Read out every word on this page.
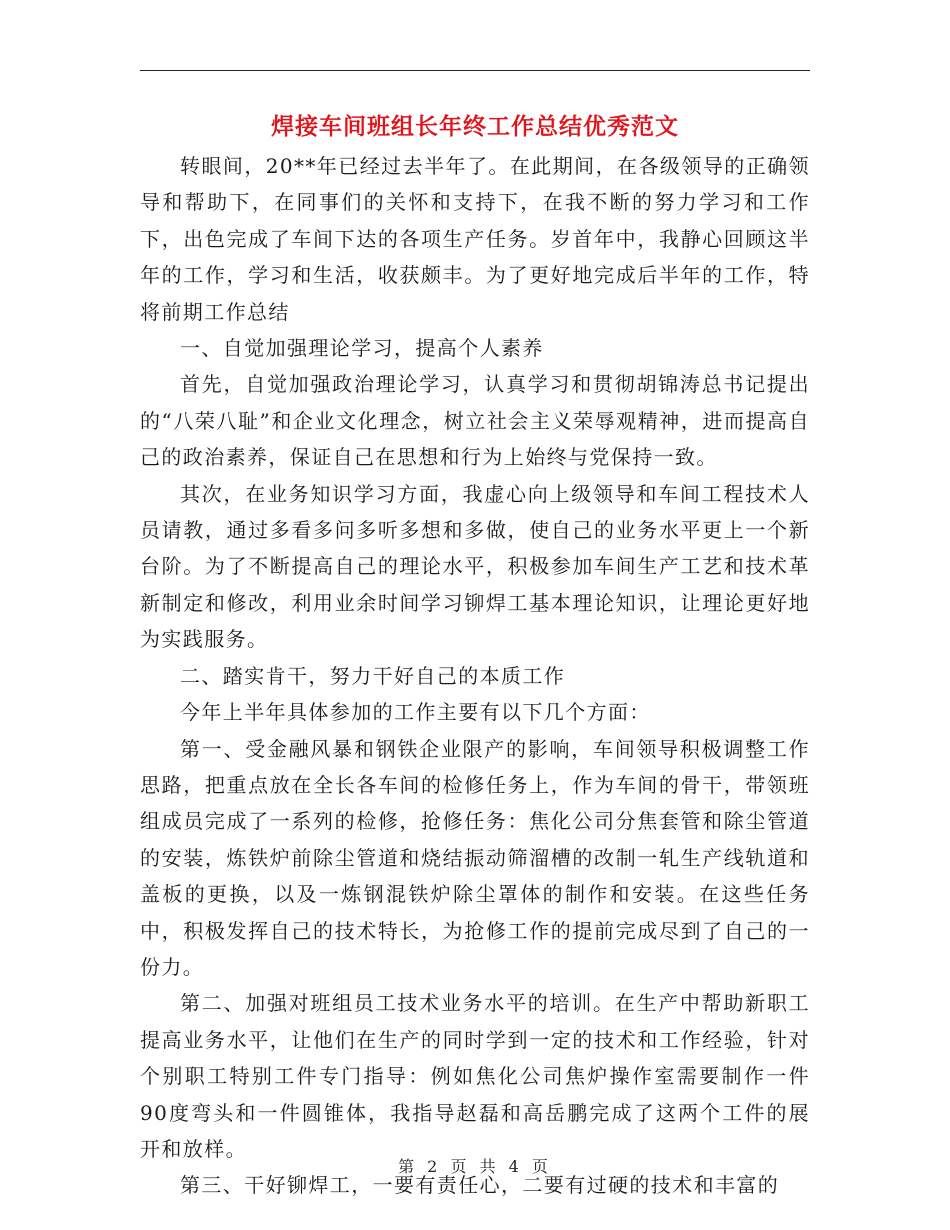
焊接车间班组长年终工作总结优秀范文

转眼间，20**年已经过去半年了。在此期间，在各级领导的正确领导和帮助下，在同事们的关怀和支持下，在我不断的努力学习和工作下，出色完成了车间下达的各项生产任务。岁首年中，我静心回顾这半年的工作，学习和生活，收获颇丰。为了更好地完成后半年的工作，特将前期工作总结

一、自觉加强理论学习，提高个人素养

首先，自觉加强政治理论学习，认真学习和贯彻胡锦涛总书记提出的“八荣八耻”和企业文化理念，树立社会主义荣辱观精神，进而提高自己的政治素养，保证自己在思想和行为上始终与党保持一致。

其次，在业务知识学习方面，我虚心向上级领导和车间工程技术人员请教，通过多看多问多听多想和多做，使自己的业务水平更上一个新台阶。为了不断提高自己的理论水平，积极参加车间生产工艺和技术革新制定和修改，利用业余时间学习铆焊工基本理论知识，让理论更好地为实践服务。

二、踏实肯干，努力干好自己的本质工作

今年上半年具体参加的工作主要有以下几个方面：

第一、受金融风暴和钢铁企业限产的影响，车间领导积极调整工作思路，把重点放在全长各车间的检修任务上，作为车间的骨干，带领班组成员完成了一系列的检修，抢修任务：焦化公司分焦套管和除尘管道的安装，炼铁炉前除尘管道和烧结振动筛溜槽的改制一轧生产线轨道和盖板的更换，以及一炼钢混铁炉除尘罩体的制作和安装。在这些任务中，积极发挥自己的技术特长，为抢修工作的提前完成尽到了自己的一份力。

第二、加强对班组员工技术业务水平的培训。在生产中帮助新职工提高业务水平，让他们在生产的同时学到一定的技术和工作经验，针对个别职工特别工件专门指导：例如焦化公司焦炉操作室需要制作一件90度弯头和一件圆锥体，我指导赵磊和高岳鹏完成了这两个工件的展开和放样。

第三、干好铆焊工，一要有责任心，二要有过硬的技术和丰富的

第 2 页 共 4 页
